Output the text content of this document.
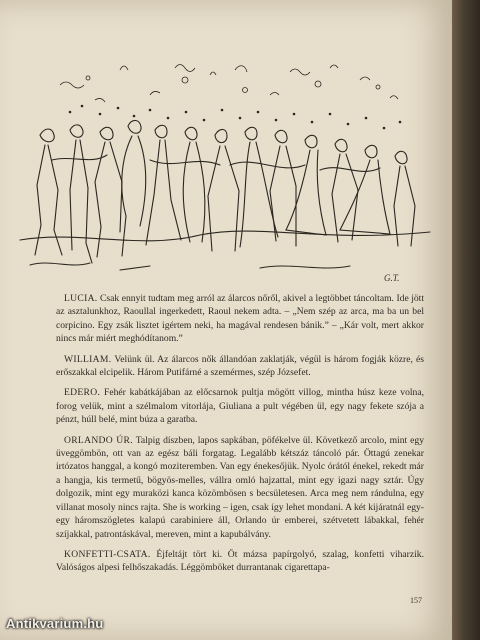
G.T.

LUCIA. Csak ennyit tudtam meg arról az álarcos nőről, akivel a legtöbbet táncoltam. Ide jött az asztalunkhoz, Raoullal ingerkedett, Raoul nekem adta. – „Nem szép az arca, ma ba un bel corpicino. Egy zsák lisztet igértem neki, ha magával rendesen bánik.” – „Kár volt, mert akkor nincs már miért meghódítanom.”

WILLIAM. Velünk ül. Az álarcos nők állandóan zaklatják, végül is három fogják közre, és erőszakkal elcipelik. Három Putifárné a szemérmes, szép Józsefet.

EDERO. Fehér kabátkájában az előcsarnok pultja mögött villog, mintha húsz keze volna, forog velük, mint a szélmalom vitorlája, Giuliana a pult végében ül, egy nagy fekete szója a pénzt, húll belé, mint búza a garatba.

ORLANDO ÚR. Talpig díszben, lapos sapkában, pöfékelve ül. Következő arcolo, mint egy üveggömbön, ott van az egész báli forgatag. Legalább kétszáz táncoló pár. Öttagú zenekar irtózatos hanggal, a kongó moziteremben. Van egy énekesőjük. Nyolc órától énekel, rekedt már a hangja, kis termetű, bögyös-melles, vállra omló hajzattal, mint egy igazi nagy sztár. Úgy dolgozik, mint egy muraközi kanca közömbösen s becsületesen. Arca meg nem rándulna, egy villanat mosoly nincs rajta. She is working – igen, csak így lehet mondani. A két kijáratnál egy-egy háromszögletes kalapú carabiniere áll, Orlando úr emberei, szétvetett lábakkal, fehér szíjakkal, patrontáskával, mereven, mint a kapubálvány.

KONFETTI-CSATA. Éjfeltájt tört ki. Öt mázsa papírgolyó, szalag, konfetti viharzik. Valóságos alpesi felhőszakadás. Léggömböket durrantanak cigarettapa-

157
Antikvarium.hu
